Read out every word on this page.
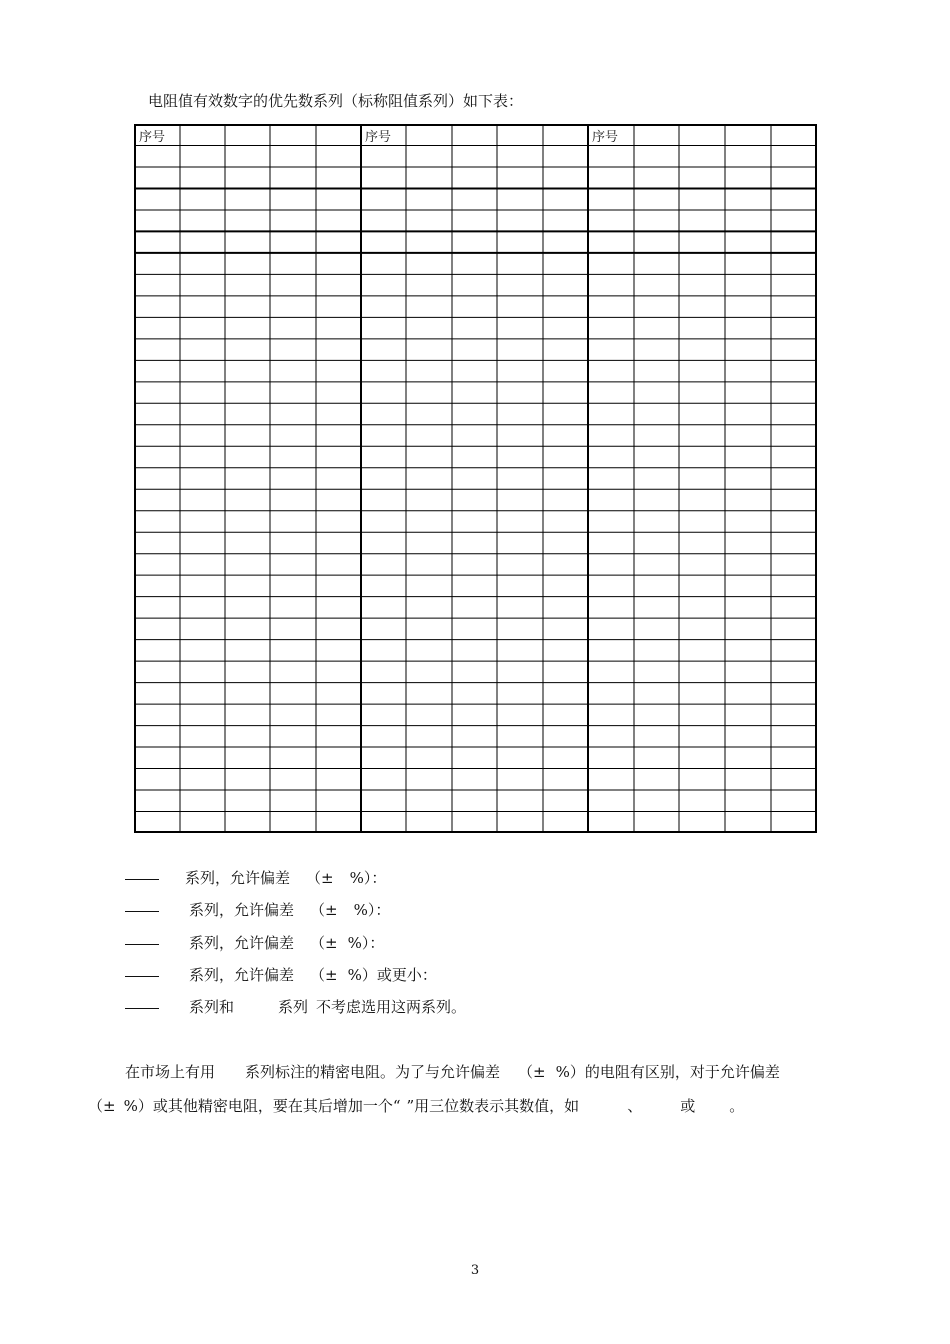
电阻值有效数字的优先数系列（标称阻值系列）如下表：
序号	序号	序号
系列，允许偏差 （± %）：
系列，允许偏差 （± %）：
系列，允许偏差 （± %）：
系列，允许偏差 （± %）或更小：
系列和	系列 不考虑选用这两系列。
在市场上有用 系列标注的精密电阻。为了与允许偏差 （± %）的电阻有区别，对于允许偏差
（± %）或其他精密电阻，要在其后增加一个“ ”用三位数表示其数值，如	、	或 。
3
